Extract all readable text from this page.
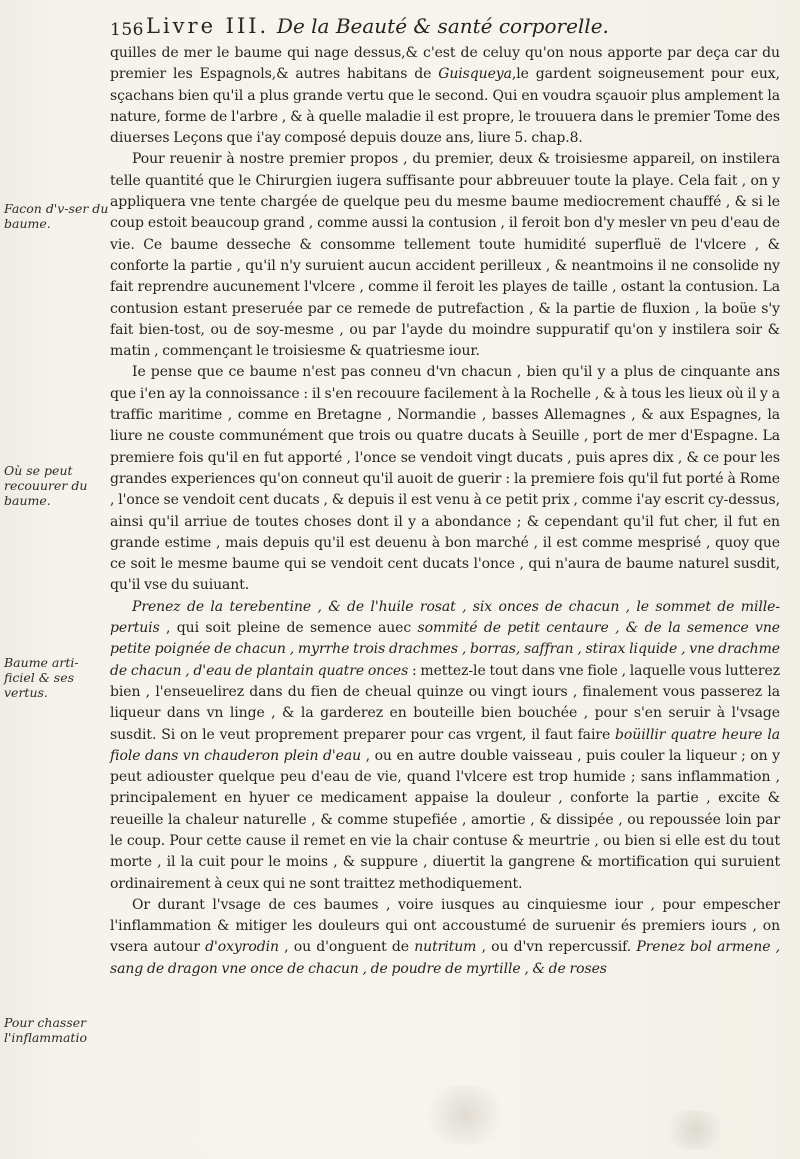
156 Livre III. De la Beauté & santé corporelle.
Facon d'v-ser du baume.
Où se peut recouurer du baume.
Baume arti-ficiel & ses vertus.
Pour chasser l'inflammatio

quilles de mer le baume qui nage dessus,& c'est de celuy qu'on nous apporte par deça car du premier les Espagnols,& autres habitans de Guisqueya,le gardent soigneusement pour eux, sçachans bien qu'il a plus grande vertu que le second. Qui en voudra sçauoir plus amplement la nature, forme de l'arbre , & à quelle maladie il est propre, le trouuera dans le premier Tome des diuerses Leçons que i'ay composé depuis douze ans, liure 5. chap.8.

Pour reuenir à nostre premier propos , du premier, deux & troisiesme appareil, on instilera telle quantité que le Chirurgien iugera suffisante pour abbreuuer toute la playe. Cela fait , on y appliquera vne tente chargée de quelque peu du mesme baume mediocrement chauffé , & si le coup estoit beaucoup grand , comme aussi la contusion , il feroit bon d'y mesler vn peu d'eau de vie. Ce baume desseche & consomme tellement toute humidité superfluë de l'vlcere , & conforte la partie , qu'il n'y suruient aucun accident perilleux , & neantmoins il ne consolide ny fait reprendre aucunement l'vlcere , comme il feroit les playes de taille , ostant la contusion. La contusion estant preseruée par ce remede de putrefaction , & la partie de fluxion , la boüe s'y fait bien-tost, ou de soy-mesme , ou par l'ayde du moindre suppuratif qu'on y instilera soir & matin , commençant le troisiesme & quatriesme iour.

Ie pense que ce baume n'est pas conneu d'vn chacun , bien qu'il y a plus de cinquante ans que i'en ay la connoissance : il s'en recouure facilement à la Rochelle , & à tous les lieux où il y a traffic maritime , comme en Bretagne , Normandie , basses Allemagnes , & aux Espagnes, la liure ne couste communément que trois ou quatre ducats à Seuille , port de mer d'Espagne. La premiere fois qu'il en fut apporté , l'once se vendoit vingt ducats , puis apres dix , & ce pour les grandes experiences qu'on conneut qu'il auoit de guerir : la premiere fois qu'il fut porté à Rome , l'once se vendoit cent ducats , & depuis il est venu à ce petit prix , comme i'ay escrit cy-dessus, ainsi qu'il arriue de toutes choses dont il y a abondance ; & cependant qu'il fut cher, il fut en grande estime , mais depuis qu'il est deuenu à bon marché , il est comme mesprisé , quoy que ce soit le mesme baume qui se vendoit cent ducats l'once , qui n'aura de baume naturel susdit, qu'il vse du suiuant.

Prenez de la terebentine , & de l'huile rosat , six onces de chacun , le sommet de mille-pertuis , qui soit pleine de semence auec sommité de petit centaure , & de la semence vne petite poignée de chacun , myrrhe trois drachmes , borras, saffran , stirax liquide , vne drachme de chacun , d'eau de plantain quatre onces : mettez-le tout dans vne fiole , laquelle vous lutterez bien , l'enseuelirez dans du fien de cheual quinze ou vingt iours , finalement vous passerez la liqueur dans vn linge , & la garderez en bouteille bien bouchée , pour s'en seruir à l'vsage susdit. Si on le veut proprement preparer pour cas vrgent, il faut faire boüillir quatre heure la fiole dans vn chauderon plein d'eau , ou en autre double vaisseau , puis couler la liqueur ; on y peut adiouster quelque peu d'eau de vie, quand l'vlcere est trop humide ; sans inflammation , principalement en hyuer ce medicament appaise la douleur , conforte la partie , excite & reueille la chaleur naturelle , & comme stupefiée , amortie , & dissipée , ou repoussée loin par le coup. Pour cette cause il remet en vie la chair contuse & meurtrie , ou bien si elle est du tout morte , il la cuit pour le moins , & suppure , diuertit la gangrene & mortification qui suruient ordinairement à ceux qui ne sont traittez methodiquement.

Or durant l'vsage de ces baumes , voire iusques au cinquiesme iour , pour empescher l'inflammation & mitiger les douleurs qui ont accoustumé de suruenir és premiers iours , on vsera autour d'oxyrodin , ou d'onguent de nutritum , ou d'vn repercussif. Prenez bol armene , sang de dragon vne once de chacun , de poudre de myrtille , & de roses
